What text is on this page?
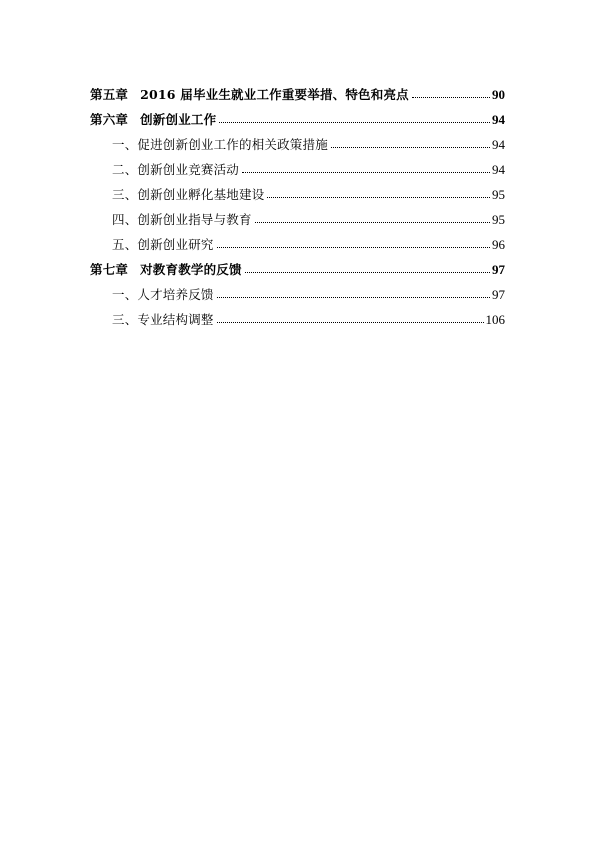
第五章 2016 届毕业生就业工作重要举措、特色和亮点	90
第六章 创新创业工作	94
一、促进创新创业工作的相关政策措施	94
二、创新创业竞赛活动	94
三、创新创业孵化基地建设	95
四、创新创业指导与教育	95
五、创新创业研究	96
第七章 对教育教学的反馈	97
一、人才培养反馈	97
三、专业结构调整	106
